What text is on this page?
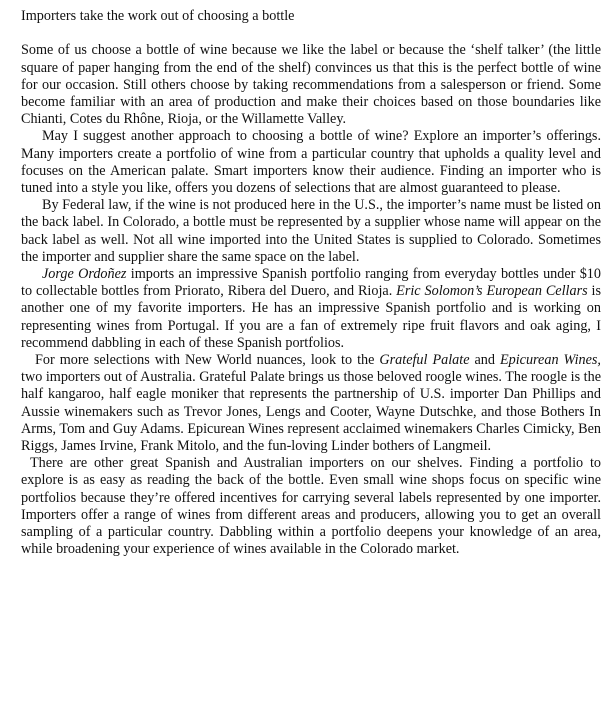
Importers take the work out of choosing a bottle

Some of us choose a bottle of wine because we like the label or because the ‘shelf talker’ (the little square of paper hanging from the end of the shelf) convinces us that this is the perfect bottle of wine for our occasion. Still others choose by taking recommendations from a salesperson or friend. Some become familiar with an area of production and make their choices based on those boundaries like Chianti, Cotes du Rhône, Rioja, or the Willamette Valley.

May I suggest another approach to choosing a bottle of wine? Explore an importer’s offerings. Many importers create a portfolio of wine from a particular country that upholds a quality level and focuses on the American palate. Smart importers know their audience. Finding an importer who is tuned into a style you like, offers you dozens of selections that are almost guaranteed to please.

By Federal law, if the wine is not produced here in the U.S., the importer’s name must be listed on the back label. In Colorado, a bottle must be represented by a supplier whose name will appear on the back label as well. Not all wine imported into the United States is supplied to Colorado. Sometimes the importer and supplier share the same space on the label.

Jorge Ordoñez imports an impressive Spanish portfolio ranging from everyday bottles under $10 to collectable bottles from Priorato, Ribera del Duero, and Rioja. Eric Solomon’s European Cellars is another one of my favorite importers. He has an impressive Spanish portfolio and is working on representing wines from Portugal. If you are a fan of extremely ripe fruit flavors and oak aging, I recommend dabbling in each of these Spanish portfolios.

For more selections with New World nuances, look to the Grateful Palate and Epicurean Wines, two importers out of Australia. Grateful Palate brings us those beloved roogle wines. The roogle is the half kangaroo, half eagle moniker that represents the partnership of U.S. importer Dan Phillips and Aussie winemakers such as Trevor Jones, Lengs and Cooter, Wayne Dutschke, and those Bothers In Arms, Tom and Guy Adams. Epicurean Wines represent acclaimed winemakers Charles Cimicky, Ben Riggs, James Irvine, Frank Mitolo, and the fun-loving Linder bothers of Langmeil.

There are other great Spanish and Australian importers on our shelves. Finding a portfolio to explore is as easy as reading the back of the bottle. Even small wine shops focus on specific wine portfolios because they’re offered incentives for carrying several labels represented by one importer. Importers offer a range of wines from different areas and producers, allowing you to get an overall sampling of a particular country. Dabbling within a portfolio deepens your knowledge of an area, while broadening your experience of wines available in the Colorado market.
